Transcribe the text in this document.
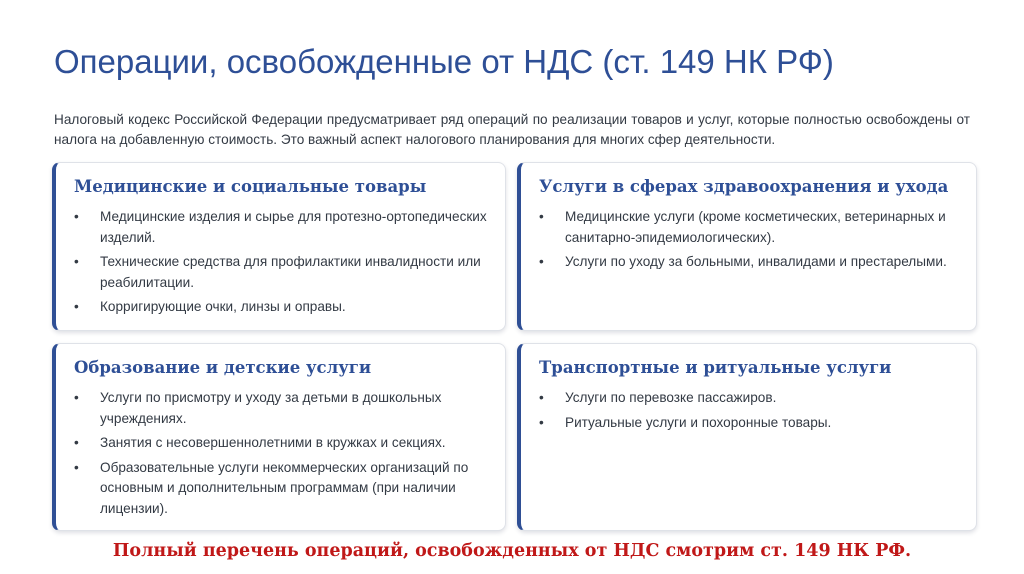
Операции, освобожденные от НДС (ст. 149 НК РФ)
Налоговый кодекс Российской Федерации предусматривает ряд операций по реализации товаров и услуг, которые полностью освобождены от налога на добавленную стоимость. Это важный аспект налогового планирования для многих сфер деятельности.
Медицинские и социальные товары
•	Медицинские изделия и сырье для протезно-ортопедических изделий.
•	Технические средства для профилактики инвалидности или реабилитации.
•	Корригирующие очки, линзы и оправы.
Услуги в сферах здравоохранения и ухода
•	Медицинские услуги (кроме косметических, ветеринарных и санитарно-эпидемиологических).
•	Услуги по уходу за больными, инвалидами и престарелыми.
Образование и детские услуги
•	Услуги по присмотру и уходу за детьми в дошкольных учреждениях.
•	Занятия с несовершеннолетними в кружках и секциях.
•	Образовательные услуги некоммерческих организаций по основным и дополнительным программам (при наличии лицензии).
Транспортные и ритуальные услуги
•	Услуги по перевозке пассажиров.
•	Ритуальные услуги и похоронные товары.
Полный перечень операций, освобожденных от НДС смотрим ст. 149 НК РФ.
